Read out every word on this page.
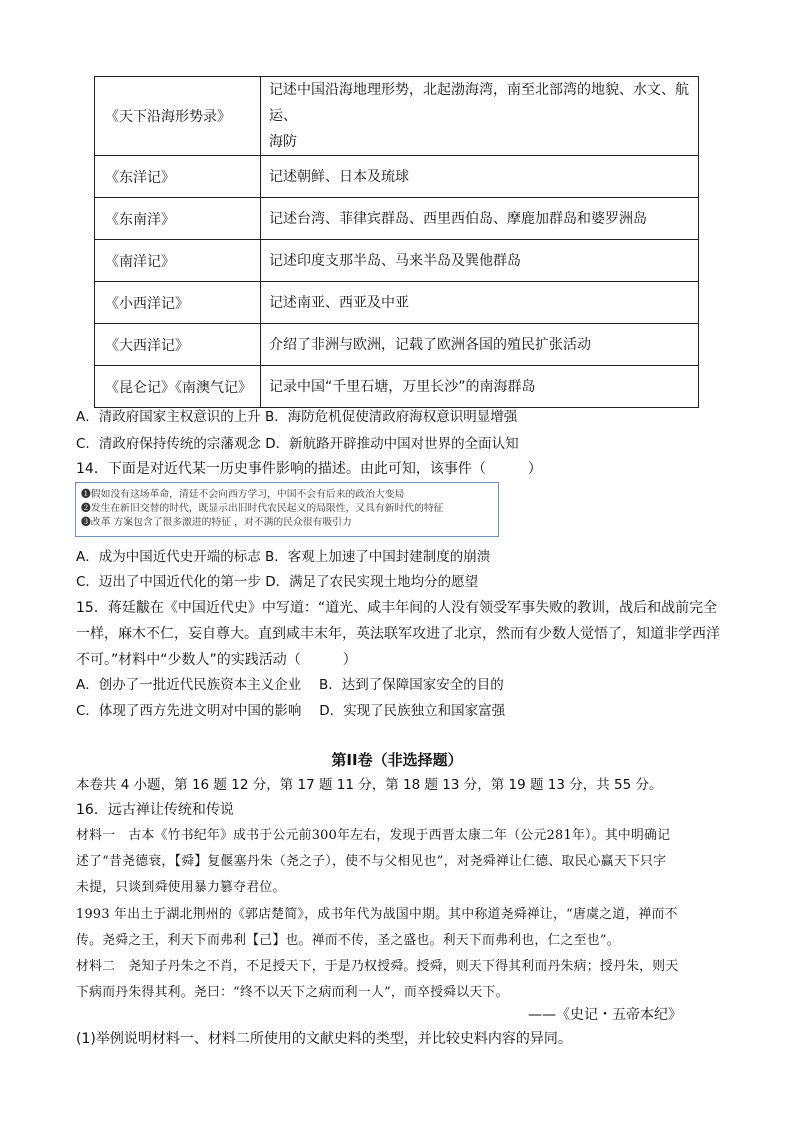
《天下沿海形势录》	记述中国沿海地理形势，北起渤海湾，南至北部湾的地貌、水文、航运、
海防

《东洋记》	记述朝鲜、日本及琉球

《东南洋》	记述台湾、菲律宾群岛、西里西伯岛、摩鹿加群岛和婆罗洲岛

《南洋记》	记述印度支那半岛、马来半岛及巽他群岛

《小西洋记》	记述南亚、西亚及中亚

《大西洋记》	介绍了非洲与欧洲，记载了欧洲各国的殖民扩张活动

《昆仑记》《南澳气记》	记录中国“千里石塘，万里长沙”的南海群岛
A．清政府国家主权意识的上升 B．海防危机促使清政府海权意识明显增强
C．清政府保持传统的宗藩观念 D．新航路开辟推动中国对世界的全面认知
14．下面是对近代某一历史事件影响的描述。由此可知，该事件（　　　）
❶假如没有这场革命，清廷不会向西方学习，中国不会有后来的政治大变局
❷发生在新旧交替的时代，既显示出旧时代农民起义的局限性，又具有新时代的特征
❸改革 方案包含了很多激进的特征 ，对不满的民众很有吸引力
A．成为中国近代史开端的标志 B．客观上加速了中国封建制度的崩溃
C．迈出了中国近代化的第一步 D．满足了农民实现土地均分的愿望
15．蒋廷黻在《中国近代史》中写道：“道光、咸丰年间的人没有领受军事失败的教训，战后和战前完全
一样，麻木不仁，妄自尊大。直到咸丰末年，英法联军攻进了北京，然而有少数人觉悟了，知道非学西洋
不可。”材料中“少数人”的实践活动（　　　）
A．创办了一批近代民族资本主义企业　 B．达到了保障国家安全的目的
C．体现了西方先进文明对中国的影响　 D．实现了民族独立和国家富强
第II卷（非选择题）
本卷共 4 小题，第 16 题 12 分，第 17 题 11 分，第 18 题 13 分，第 19 题 13 分，共 55 分。
16．远古禅让传统和传说
材料一　古本《竹书纪年》成书于公元前300年左右，发现于西晋太康二年（公元281年）。其中明确记
述了“昔尧德衰，【舜】复偃塞丹朱（尧之子），使不与父相见也”，对尧舜禅让仁德、取民心赢天下只字
未提，只谈到舜使用暴力篡夺君位。
1993 年出土于湖北荆州的《郭店楚简》，成书年代为战国中期。其中称道尧舜禅让，“唐虞之道，禅而不
传。尧舜之王，利天下而弗利【己】也。禅而不传，圣之盛也。利天下而弗利也，仁之至也”。
材料二　尧知子丹朱之不肖，不足授天下，于是乃权授舜。授舜，则天下得其利而丹朱病；授丹朱，则天
下病而丹朱得其利。尧曰：“终不以天下之病而利一人”，而卒授舜以天下。
——《史记・五帝本纪》
(1)举例说明材料一、材料二所使用的文献史料的类型，并比较史料内容的异同。
